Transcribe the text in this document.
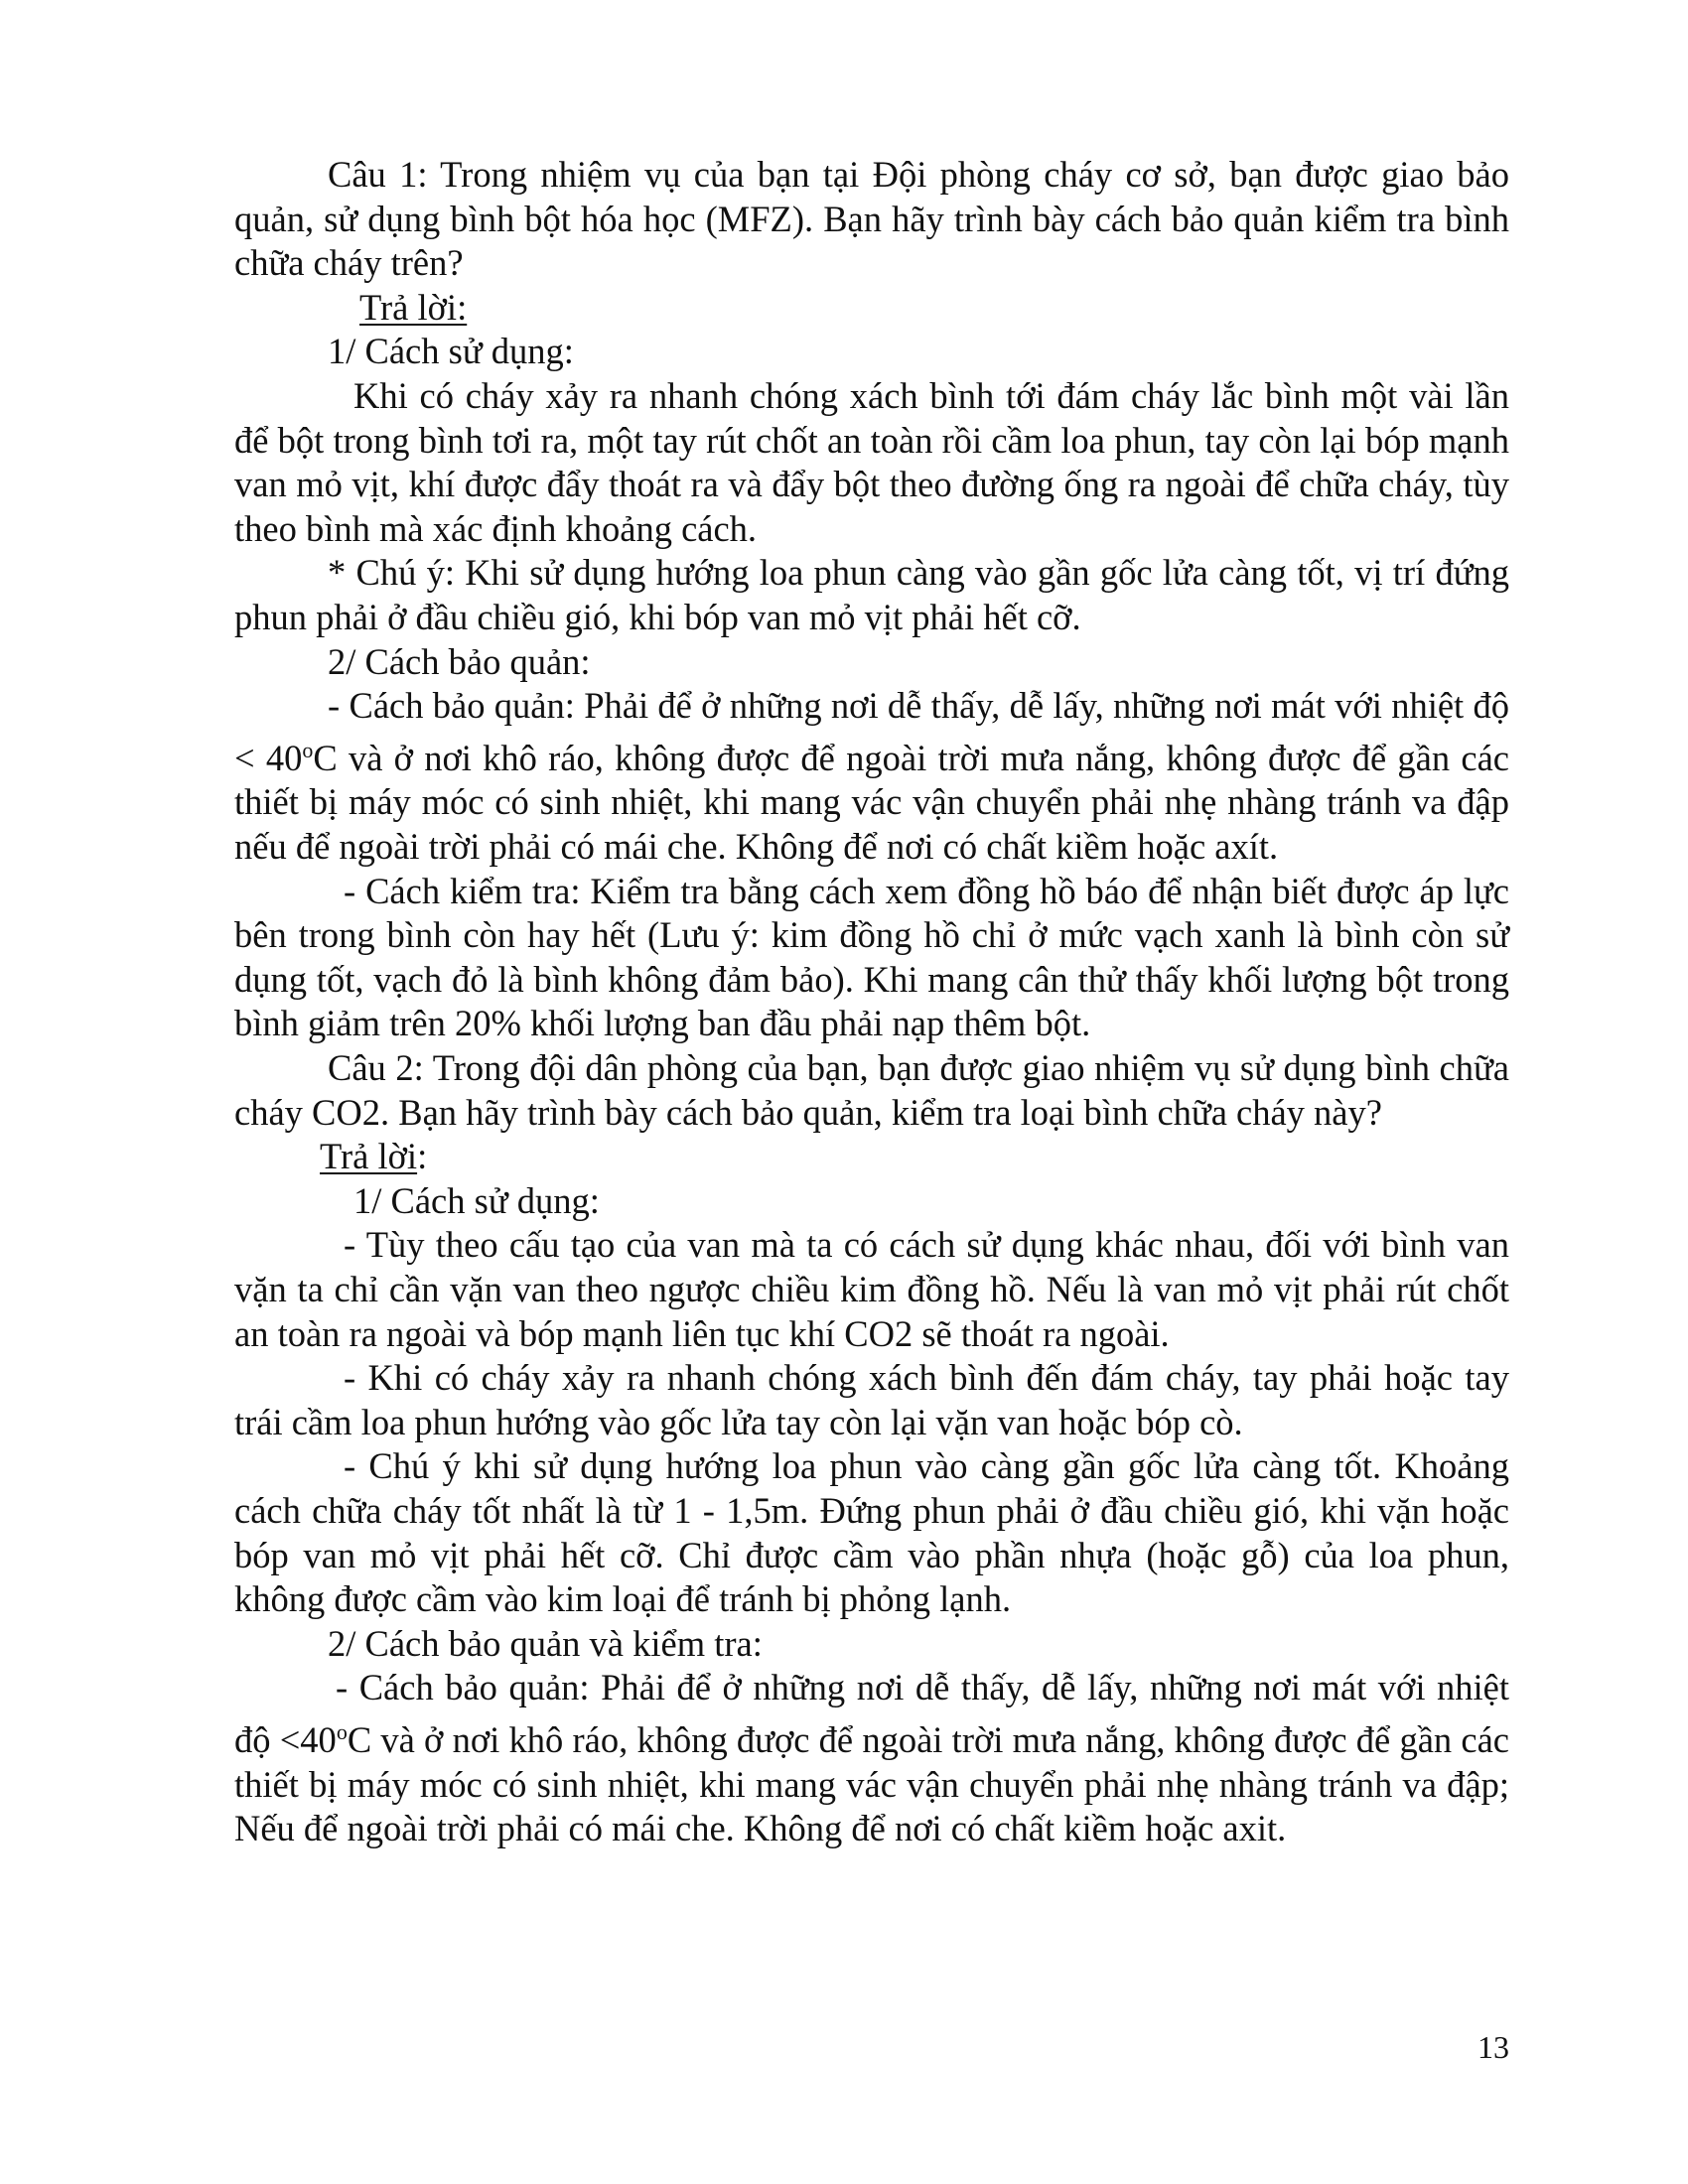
Câu 1: Trong nhiệm vụ của bạn tại Đội phòng cháy cơ sở, bạn được giao bảo quản, sử dụng bình bột hóa học (MFZ). Bạn hãy trình bày cách bảo quản kiểm tra bình chữa cháy trên?

Trả lời:

1/ Cách sử dụng:

Khi có cháy xảy ra nhanh chóng xách bình tới đám cháy lắc bình một vài lần để bột trong bình tơi ra, một tay rút chốt an toàn rồi cầm loa phun, tay còn lại bóp mạnh van mỏ vịt, khí được đẩy thoát ra và đẩy bột theo đường ống ra ngoài để chữa cháy, tùy theo bình mà xác định khoảng cách.

* Chú ý: Khi sử dụng hướng loa phun càng vào gần gốc lửa càng tốt, vị trí đứng phun phải ở đầu chiều gió, khi bóp van mỏ vịt phải hết cỡ.

2/ Cách bảo quản:

- Cách bảo quản: Phải để ở những nơi dễ thấy, dễ lấy, những nơi mát với nhiệt độ < $40^oC$ và ở nơi khô ráo, không được để ngoài trời mưa nắng, không được để gần các thiết bị máy móc có sinh nhiệt, khi mang vác vận chuyển phải nhẹ nhàng tránh va đập nếu để ngoài trời phải có mái che. Không để nơi có chất kiềm hoặc axít.

- Cách kiểm tra: Kiểm tra bằng cách xem đồng hồ báo để nhận biết được áp lực bên trong bình còn hay hết (Lưu ý: kim đồng hồ chỉ ở mức vạch xanh là bình còn sử dụng tốt, vạch đỏ là bình không đảm bảo). Khi mang cân thử thấy khối lượng bột trong bình giảm trên 20% khối lượng ban đầu phải nạp thêm bột.

Câu 2: Trong đội dân phòng của bạn, bạn được giao nhiệm vụ sử dụng bình chữa cháy CO2. Bạn hãy trình bày cách bảo quản, kiểm tra loại bình chữa cháy này?

Trả lời:

1/ Cách sử dụng:

- Tùy theo cấu tạo của van mà ta có cách sử dụng khác nhau, đối với bình van vặn ta chỉ cần vặn van theo ngược chiều kim đồng hồ. Nếu là van mỏ vịt phải rút chốt an toàn ra ngoài và bóp mạnh liên tục khí CO2 sẽ thoát ra ngoài.

- Khi có cháy xảy ra nhanh chóng xách bình đến đám cháy, tay phải hoặc tay trái cầm loa phun hướng vào gốc lửa tay còn lại vặn van hoặc bóp cò.

- Chú ý khi sử dụng hướng loa phun vào càng gần gốc lửa càng tốt. Khoảng cách chữa cháy tốt nhất là từ 1 - 1,5m. Đứng phun phải ở đầu chiều gió, khi vặn hoặc bóp van mỏ vịt phải hết cỡ. Chỉ được cầm vào phần nhựa (hoặc gỗ) của loa phun, không được cầm vào kim loại để tránh bị phỏng lạnh.

2/ Cách bảo quản và kiểm tra:

- Cách bảo quản: Phải để ở những nơi dễ thấy, dễ lấy, những nơi mát với nhiệt độ $<40^oC$ và ở nơi khô ráo, không được để ngoài trời mưa nắng, không được để gần các thiết bị máy móc có sinh nhiệt, khi mang vác vận chuyển phải nhẹ nhàng tránh va đập; Nếu để ngoài trời phải có mái che. Không để nơi có chất kiềm hoặc axit.

13
